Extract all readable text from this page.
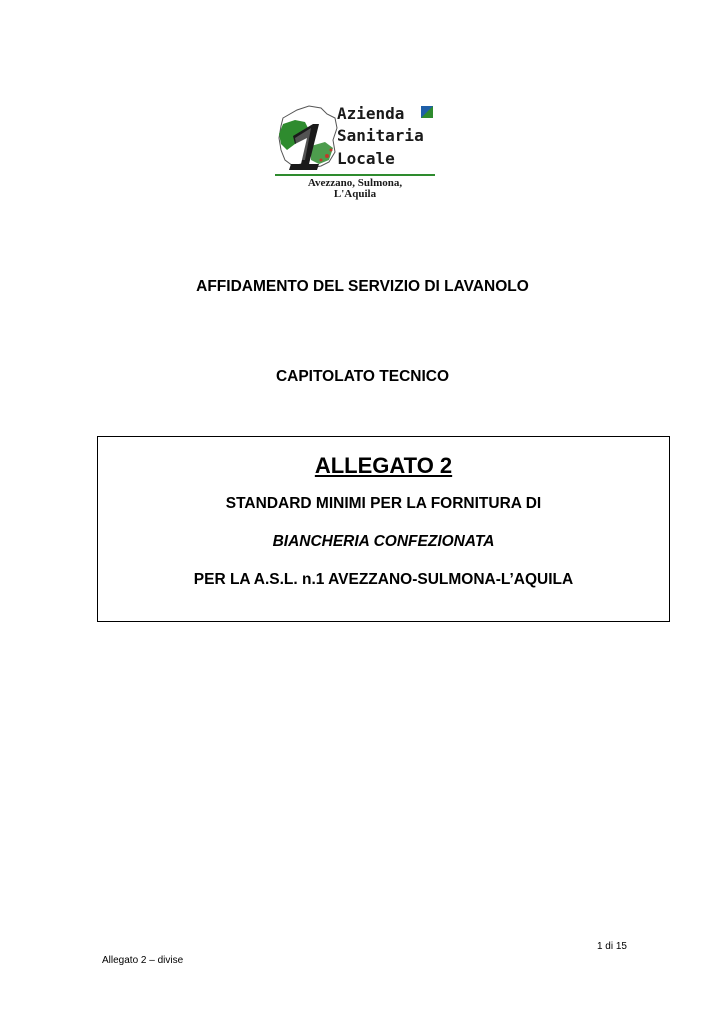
Azienda
Sanitaria
Locale
Avezzano, Sulmona,
L'Aquila
AFFIDAMENTO DEL SERVIZIO DI LAVANOLO
CAPITOLATO TECNICO
ALLEGATO 2
STANDARD MINIMI PER LA FORNITURA DI
BIANCHERIA CONFEZIONATA
PER LA A.S.L. n.1 AVEZZANO-SULMONA-L’AQUILA
1 di 15
Allegato 2 – divise
